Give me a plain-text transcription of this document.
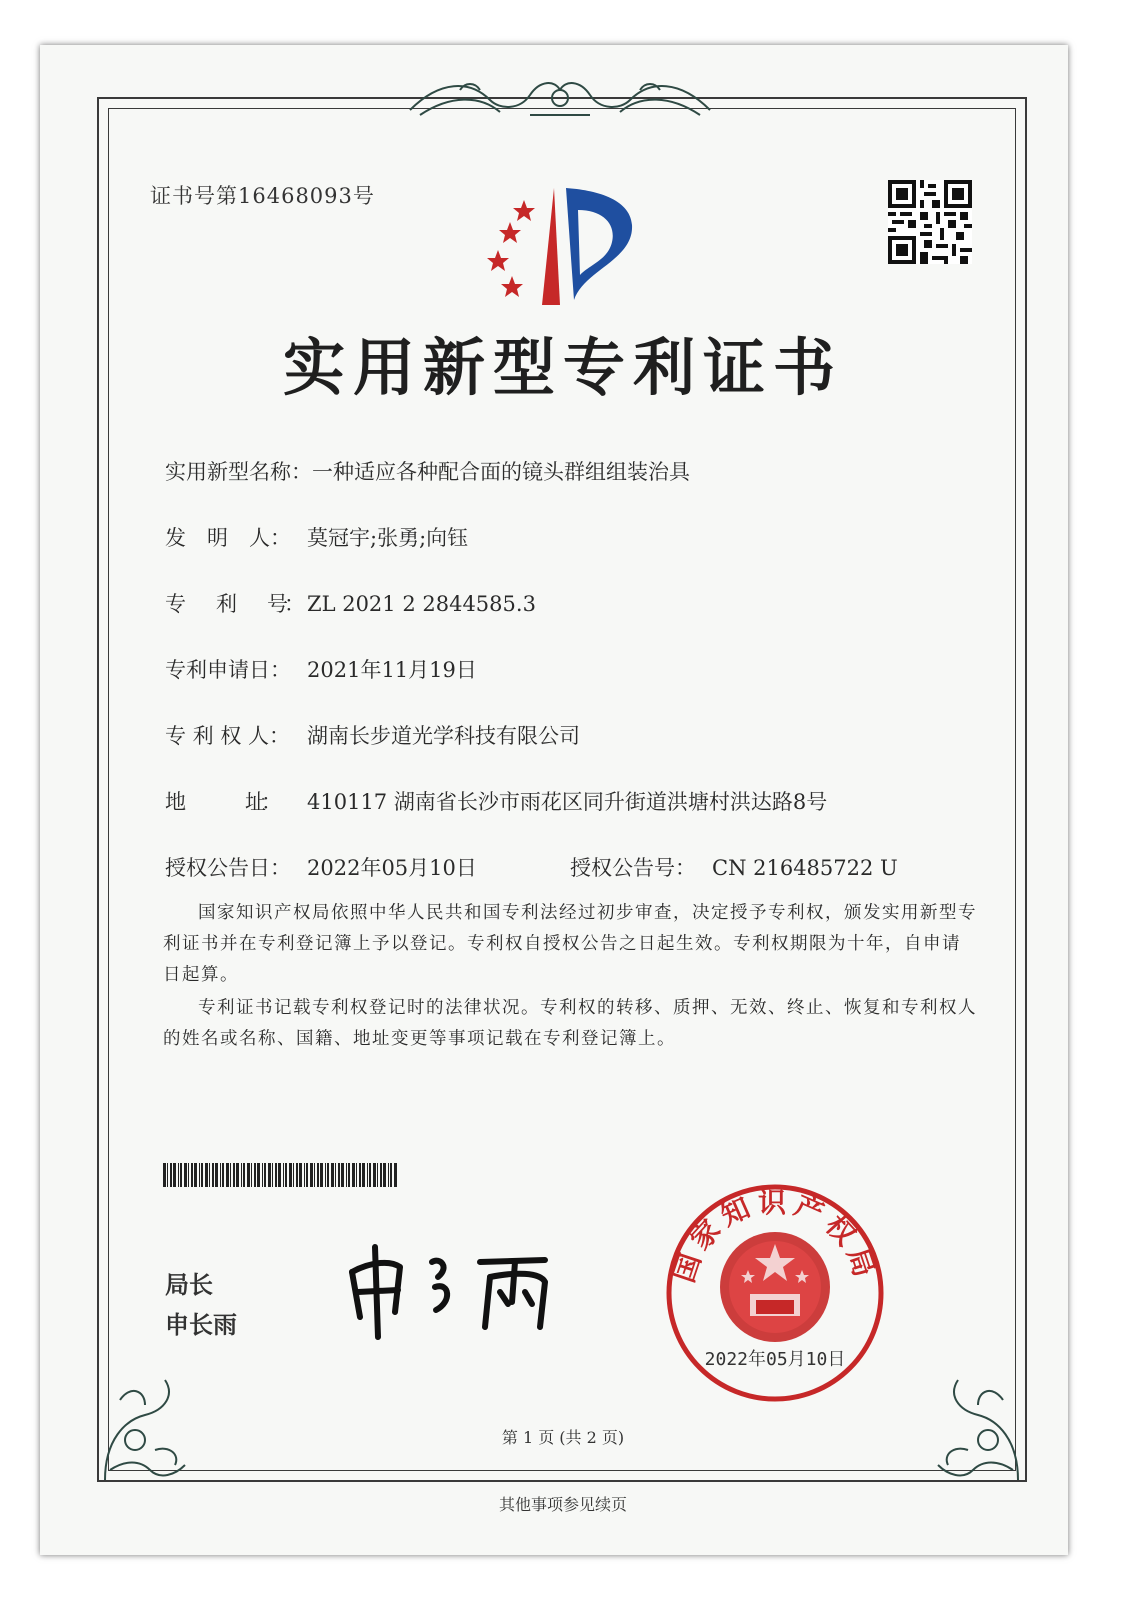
证书号第16468093号
实用新型专利证书
实用新型名称：一种适应各种配合面的镜头群组组装治具
发　明　人： 莫冠宇;张勇;向钰
专　　利　　号： ZL 2021 2 2844585.3
专利申请日： 2021年11月19日
专 利 权 人： 湖南长步道光学科技有限公司
地　　　　址： 410117 湖南省长沙市雨花区同升街道洪塘村洪达路8号
授权公告日： 2022年05月10日	授权公告号： CN 216485722 U
国家知识产权局依照中华人民共和国专利法经过初步审查，决定授予专利权，颁发实用新型专利证书并在专利登记簿上予以登记。专利权自授权公告之日起生效。专利权期限为十年，自申请日起算。
专利证书记载专利权登记时的法律状况。专利权的转移、质押、无效、终止、恢复和专利权人的姓名或名称、国籍、地址变更等事项记载在专利登记簿上。
局长
申长雨
国家知识产权局
2022年05月10日
第 1 页 (共 2 页)
其他事项参见续页
